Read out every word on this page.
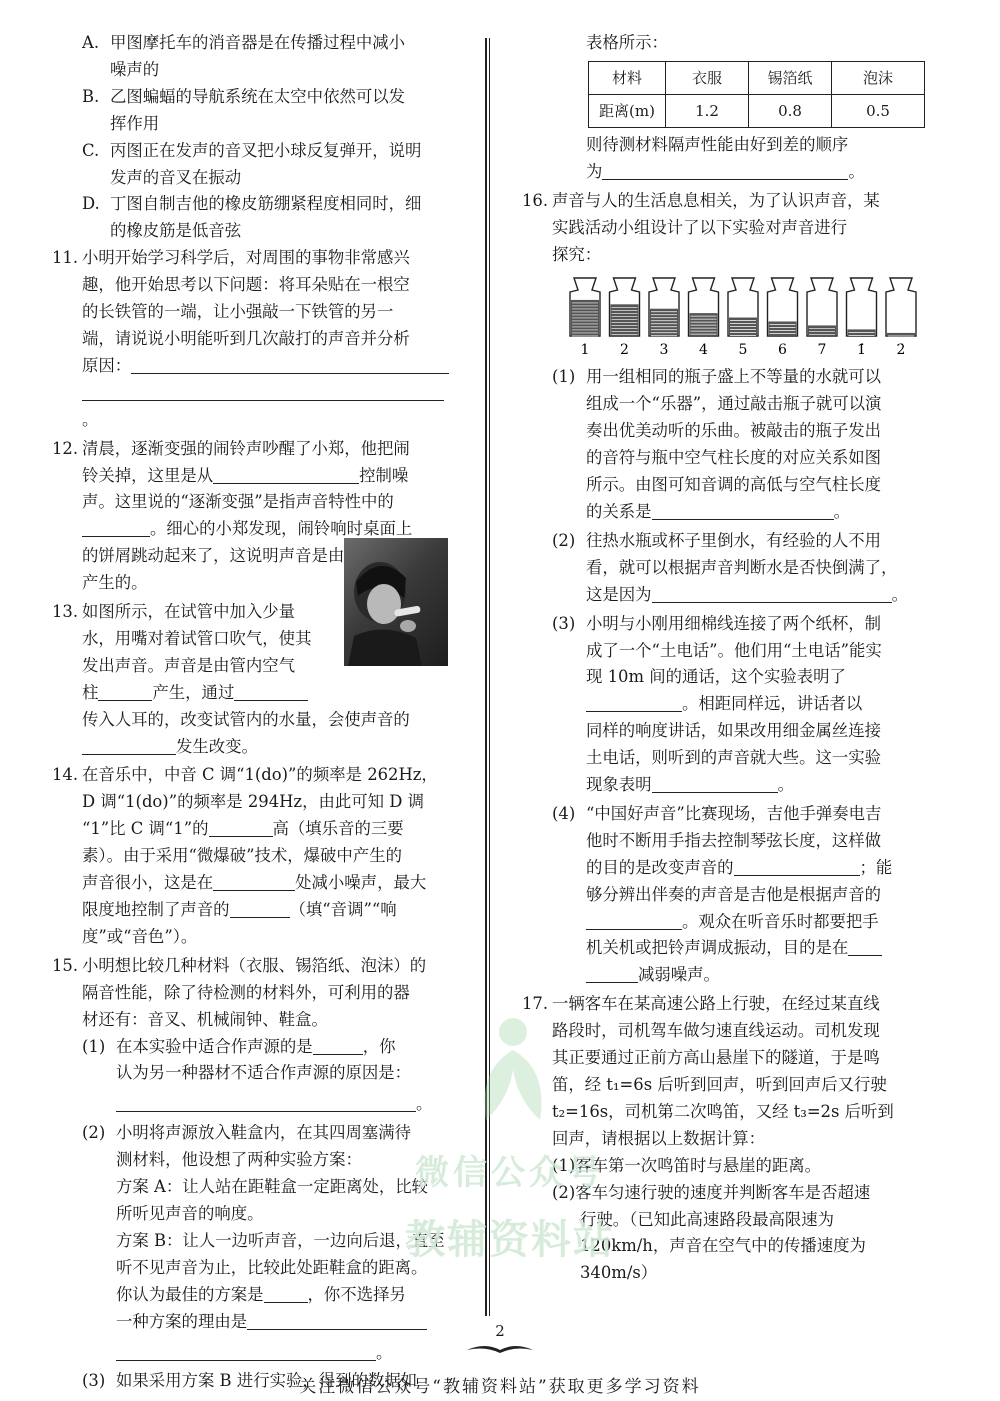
A. 甲图摩托车的消音器是在传播过程中减小
噪声的
B. 乙图蝙蝠的导航系统在太空中依然可以发
挥作用
C. 丙图正在发声的音叉把小球反复弹开，说明
发声的音叉在振动
D. 丁图自制吉他的橡皮筋绷紧程度相同时，细
的橡皮筋是低音弦
11. 小明开始学习科学后，对周围的事物非常感兴
趣，他开始思考以下问题：将耳朵贴在一根空
的长铁管的一端，让小强敲一下铁管的另一
端，请说说小明能听到几次敲打的声音并分析
原因：
。
12. 清晨，逐渐变强的闹铃声吵醒了小郑，他把闹
铃关掉，这里是从	控制噪
声。这里说的“逐渐变强”是指声音特性中的
。细心的小郑发现，闹铃响时桌面上
的饼屑跳动起来了，这说明声音是由
产生的。
13. 如图所示，在试管中加入少量
水，用嘴对着试管口吹气，使其
发出声音。声音是由管内空气
柱	产生，通过
传入人耳的，改变试管内的水量，会使声音的
发生改变。
14. 在音乐中，中音 C 调“1(do)”的频率是 262Hz，
D 调“1(do)”的频率是 294Hz，由此可知 D 调
“1”比 C 调“1”的	高（填乐音的三要
素）。由于采用“微爆破”技术，爆破中产生的
声音很小，这是在	处减小噪声，最大
限度地控制了声音的	（填“音调”“响
度”或“音色”）。
15. 小明想比较几种材料（衣服、锡箔纸、泡沫）的
隔音性能，除了待检测的材料外，可利用的器
材还有：音叉、机械闹钟、鞋盒。
(1) 在本实验中适合作声源的是	，你
认为另一种器材不适合作声源的原因是：
。
(2) 小明将声源放入鞋盒内，在其四周塞满待
测材料，他设想了两种实验方案：
方案 A：让人站在距鞋盒一定距离处，比较
所听见声音的响度。
方案 B：让人一边听声音，一边向后退，直至
听不见声音为止，比较此处距鞋盒的距离。
你认为最佳的方案是	，你不选择另
一种方案的理由是
。
(3) 如果采用方案 B 进行实验，得到的数据如
表格所示：
材料	衣服	锡箔纸	泡沫
距离(m)	1.2	0.8	0.5
则待测材料隔声性能由好到差的顺序
为	。
16. 声音与人的生活息息相关，为了认识声音，某
实践活动小组设计了以下实验对声音进行
探究：
1 2 3 4 5 6 7 1̇ 2̇
(1) 用一组相同的瓶子盛上不等量的水就可以
组成一个“乐器”，通过敲击瓶子就可以演
奏出优美动听的乐曲。被敲击的瓶子发出
的音符与瓶中空气柱长度的对应关系如图
所示。由图可知音调的高低与空气柱长度
的关系是	。
(2) 往热水瓶或杯子里倒水，有经验的人不用
看，就可以根据声音判断水是否快倒满了，
这是因为	。
(3) 小明与小刚用细棉线连接了两个纸杯，制
成了一个“土电话”。他们用“土电话”能实
现 10m 间的通话，这个实验表明了
。相距同样远，讲话者以
同样的响度讲话，如果改用细金属丝连接
土电话，则听到的声音就大些。这一实验
现象表明	。
(4) “中国好声音”比赛现场，吉他手弹奏电吉
他时不断用手指去控制琴弦长度，这样做
的目的是改变声音的	；能
够分辨出伴奏的声音是吉他是根据声音的
。观众在听音乐时都要把手
机关机或把铃声调成振动，目的是在
减弱噪声。
17. 一辆客车在某高速公路上行驶，在经过某直线
路段时，司机驾车做匀速直线运动。司机发现
其正要通过正前方高山悬崖下的隧道，于是鸣
笛，经 t₁=6s 后听到回声，听到回声后又行驶
t₂=16s，司机第二次鸣笛，又经 t₃=2s 后听到
回声，请根据以上数据计算：
(1)客车第一次鸣笛时与悬崖的距离。
(2)客车匀速行驶的速度并判断客车是否超速
行驶。（已知此高速路段最高限速为
120km/h，声音在空气中的传播速度为
340m/s）
微信公众号
教辅资料站
2
关注微信公众号“教辅资料站”获取更多学习资料
